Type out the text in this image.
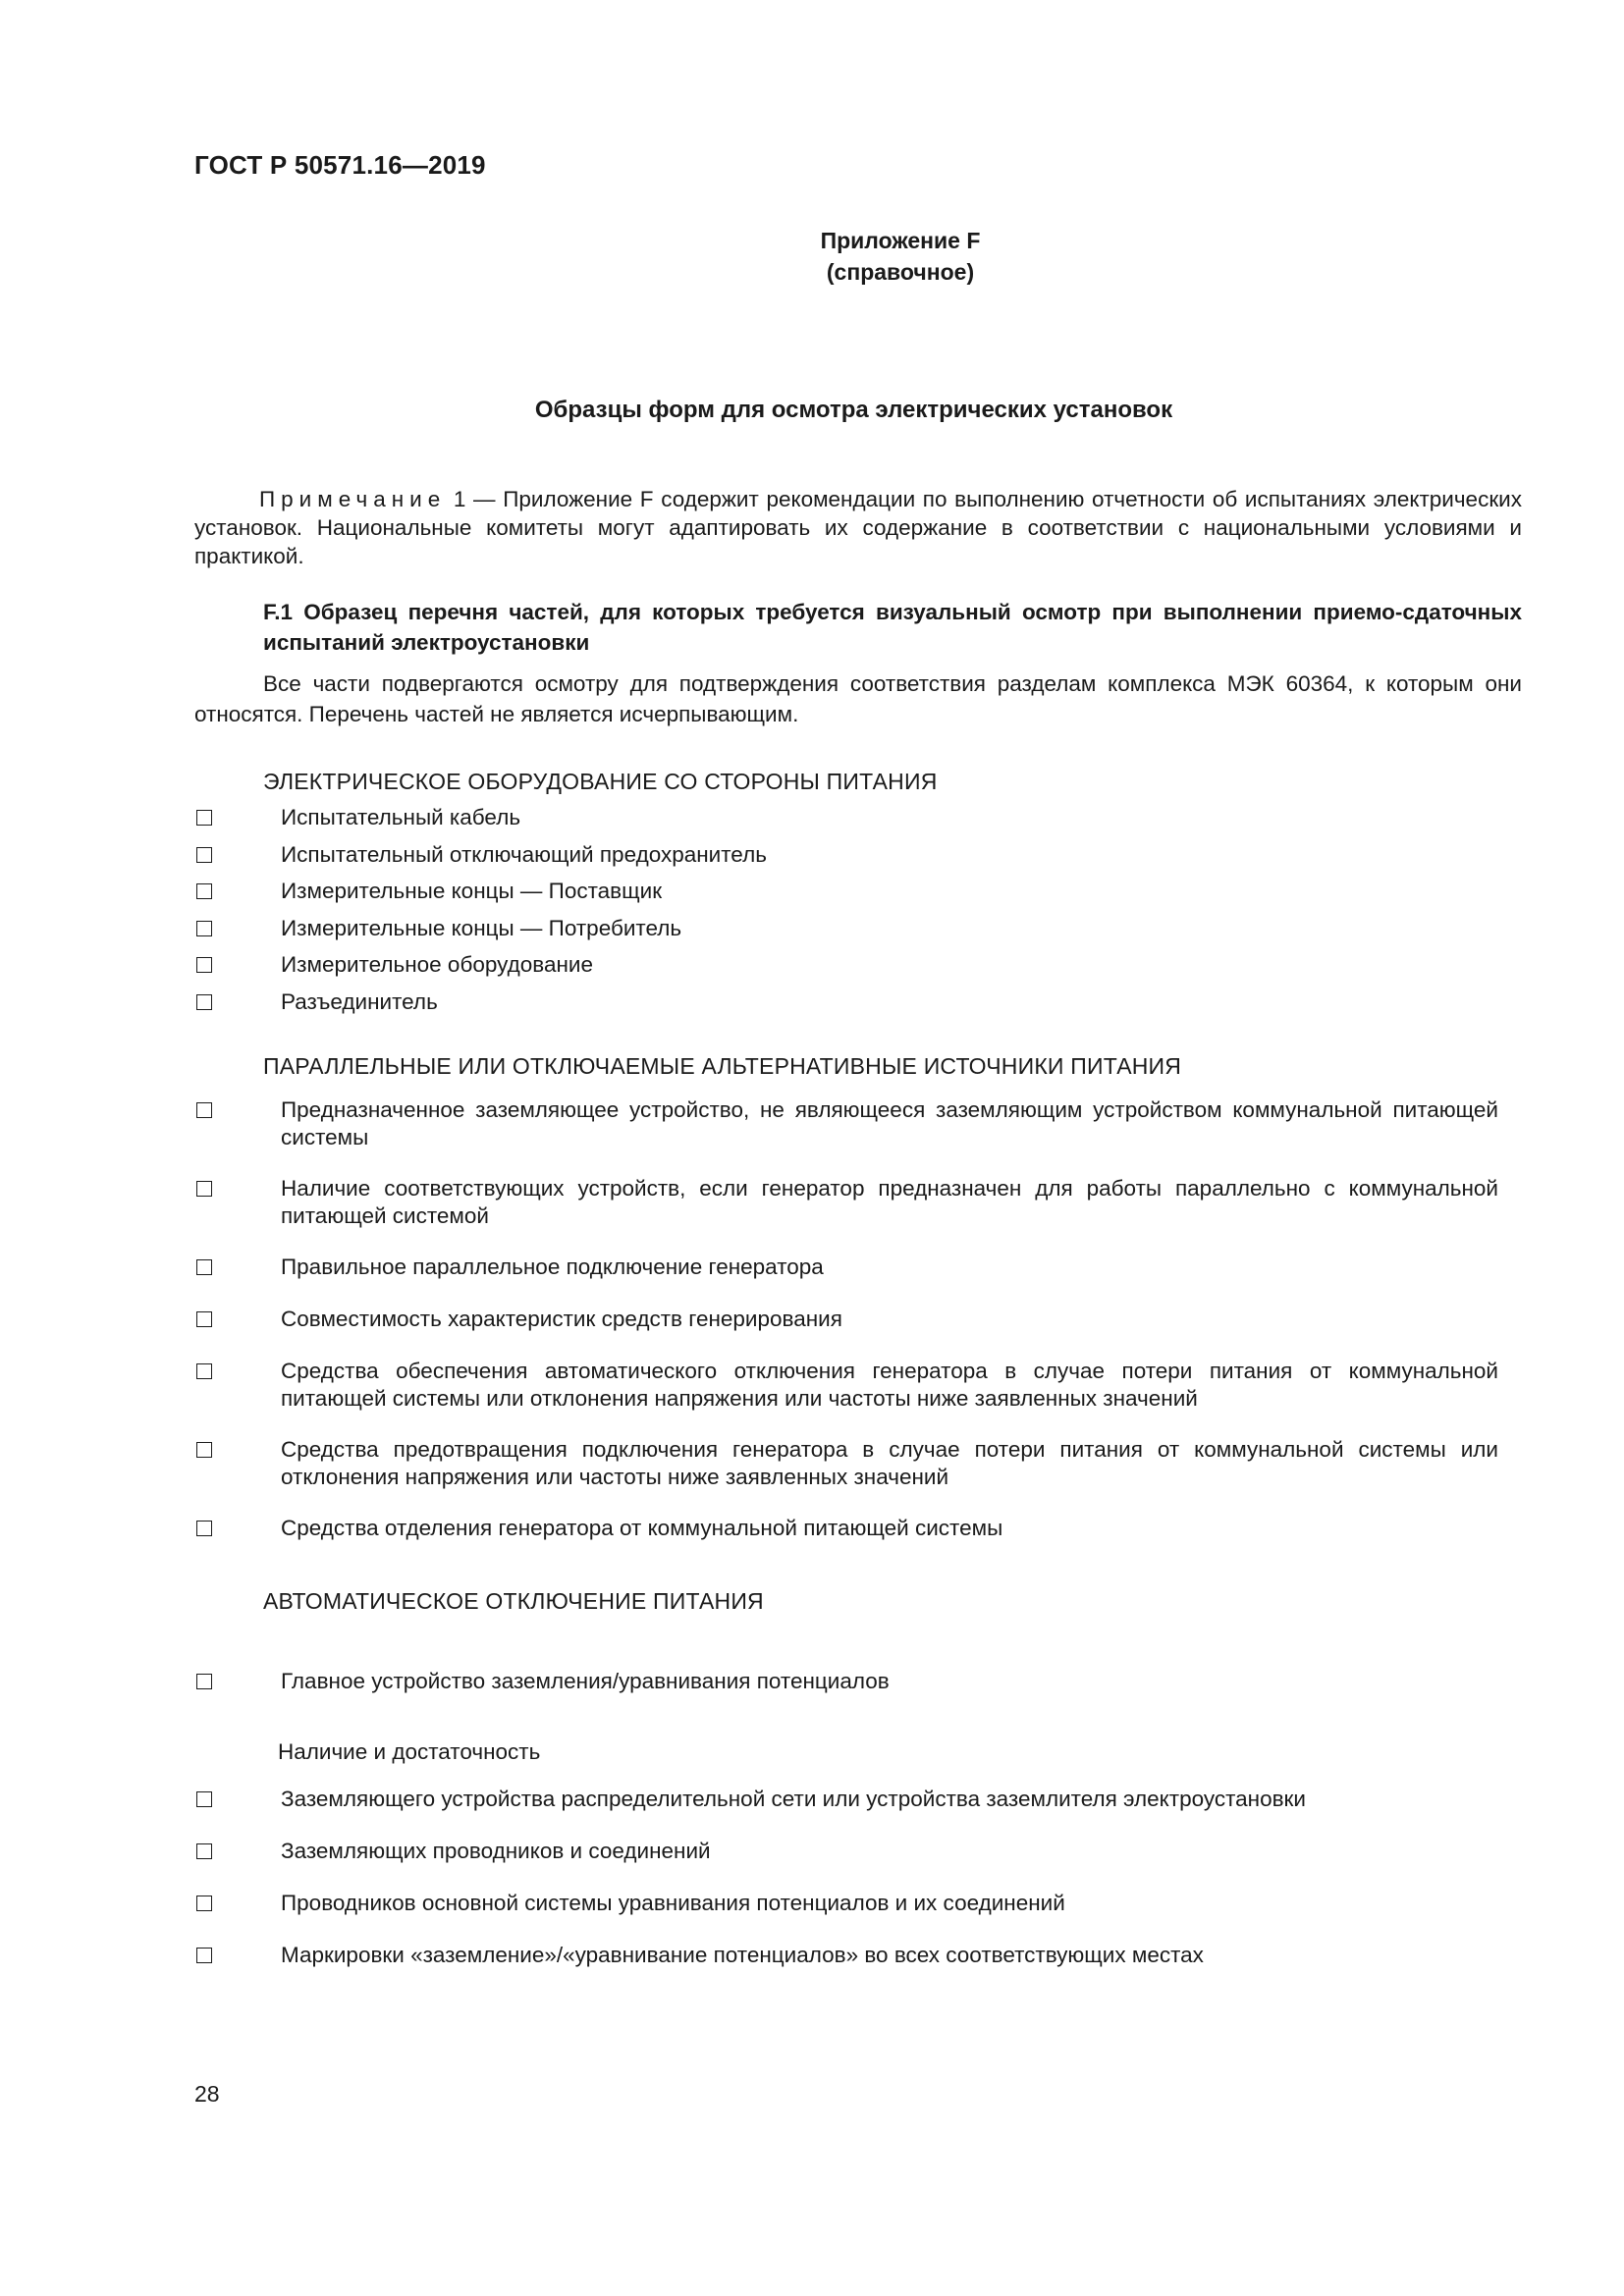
ГОСТ Р 50571.16—2019
Приложение F
(справочное)
Образцы форм для осмотра электрических установок
Примечание 1 — Приложение F содержит рекомендации по выполнению отчетности об испытаниях электрических установок. Национальные комитеты могут адаптировать их содержание в соответствии с национальными условиями и практикой.
F.1 Образец перечня частей, для которых требуется визуальный осмотр при выполнении приемо-сдаточных испытаний электроустановки
Все части подвергаются осмотру для подтверждения соответствия разделам комплекса МЭК 60364, к которым они относятся. Перечень частей не является исчерпывающим.
ЭЛЕКТРИЧЕСКОЕ ОБОРУДОВАНИЕ СО СТОРОНЫ ПИТАНИЯ
Испытательный кабель
Испытательный отключающий предохранитель
Измерительные концы — Поставщик
Измерительные концы — Потребитель
Измерительное оборудование
Разъединитель
ПАРАЛЛЕЛЬНЫЕ ИЛИ ОТКЛЮЧАЕМЫЕ АЛЬТЕРНАТИВНЫЕ ИСТОЧНИКИ ПИТАНИЯ
Предназначенное заземляющее устройство, не являющееся заземляющим устройством коммунальной питающей системы
Наличие соответствующих устройств, если генератор предназначен для работы параллельно с коммунальной питающей системой
Правильное параллельное подключение генератора
Совместимость характеристик средств генерирования
Средства обеспечения автоматического отключения генератора в случае потери питания от коммунальной питающей системы или отклонения напряжения или частоты ниже заявленных значений
Средства предотвращения подключения генератора в случае потери питания от коммунальной системы или отклонения напряжения или частоты ниже заявленных значений
Средства отделения генератора от коммунальной питающей системы
АВТОМАТИЧЕСКОЕ ОТКЛЮЧЕНИЕ ПИТАНИЯ
Главное устройство заземления/уравнивания потенциалов
Наличие и достаточность
Заземляющего устройства распределительной сети или устройства заземлителя электроустановки
Заземляющих проводников и соединений
Проводников основной системы уравнивания потенциалов и их соединений
Маркировки «заземление»/«уравнивание потенциалов» во всех соответствующих местах
28
